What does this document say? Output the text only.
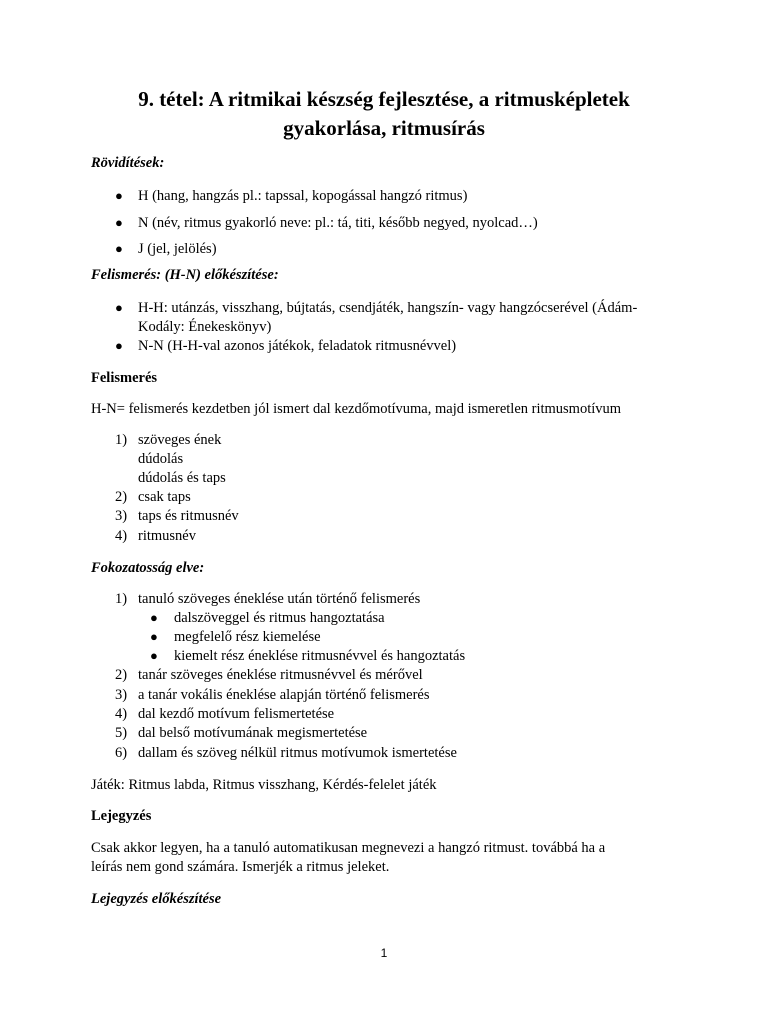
9. tétel: A ritmikai készség fejlesztése, a ritmusképletek
gyakorlása, ritmusírás
Rövidítések:
● H (hang, hangzás pl.: tapssal, kopogással hangzó ritmus)
● N (név, ritmus gyakorló neve: pl.: tá, titi, később negyed, nyolcad…)
● J (jel, jelölés)
Felismerés: (H-N) előkészítése:
● H-H: utánzás, visszhang, bújtatás, csendjáték, hangszín- vagy hangzócserével (Ádám-
Kodály: Énekeskönyv)
● N-N (H-H-val azonos játékok, feladatok ritmusnévvel)
Felismerés
H-N= felismerés kezdetben jól ismert dal kezdőmotívuma, majd ismeretlen ritmusmotívum
1) szöveges ének
dúdolás
dúdolás és taps
2) csak taps
3) taps és ritmusnév
4) ritmusnév
Fokozatosság elve:
1) tanuló szöveges éneklése után történő felismerés
● dalszöveggel és ritmus hangoztatása
● megfelelő rész kiemelése
● kiemelt rész éneklése ritmusnévvel és hangoztatás
2) tanár szöveges éneklése ritmusnévvel és mérővel
3) a tanár vokális éneklése alapján történő felismerés
4) dal kezdő motívum felismertetése
5) dal belső motívumának megismertetése
6) dallam és szöveg nélkül ritmus motívumok ismertetése
Játék: Ritmus labda, Ritmus visszhang, Kérdés-felelet játék
Lejegyzés
Csak akkor legyen, ha a tanuló automatikusan megnevezi a hangzó ritmust. továbbá ha a
leírás nem gond számára. Ismerjék a ritmus jeleket.
Lejegyzés előkészítése
1
